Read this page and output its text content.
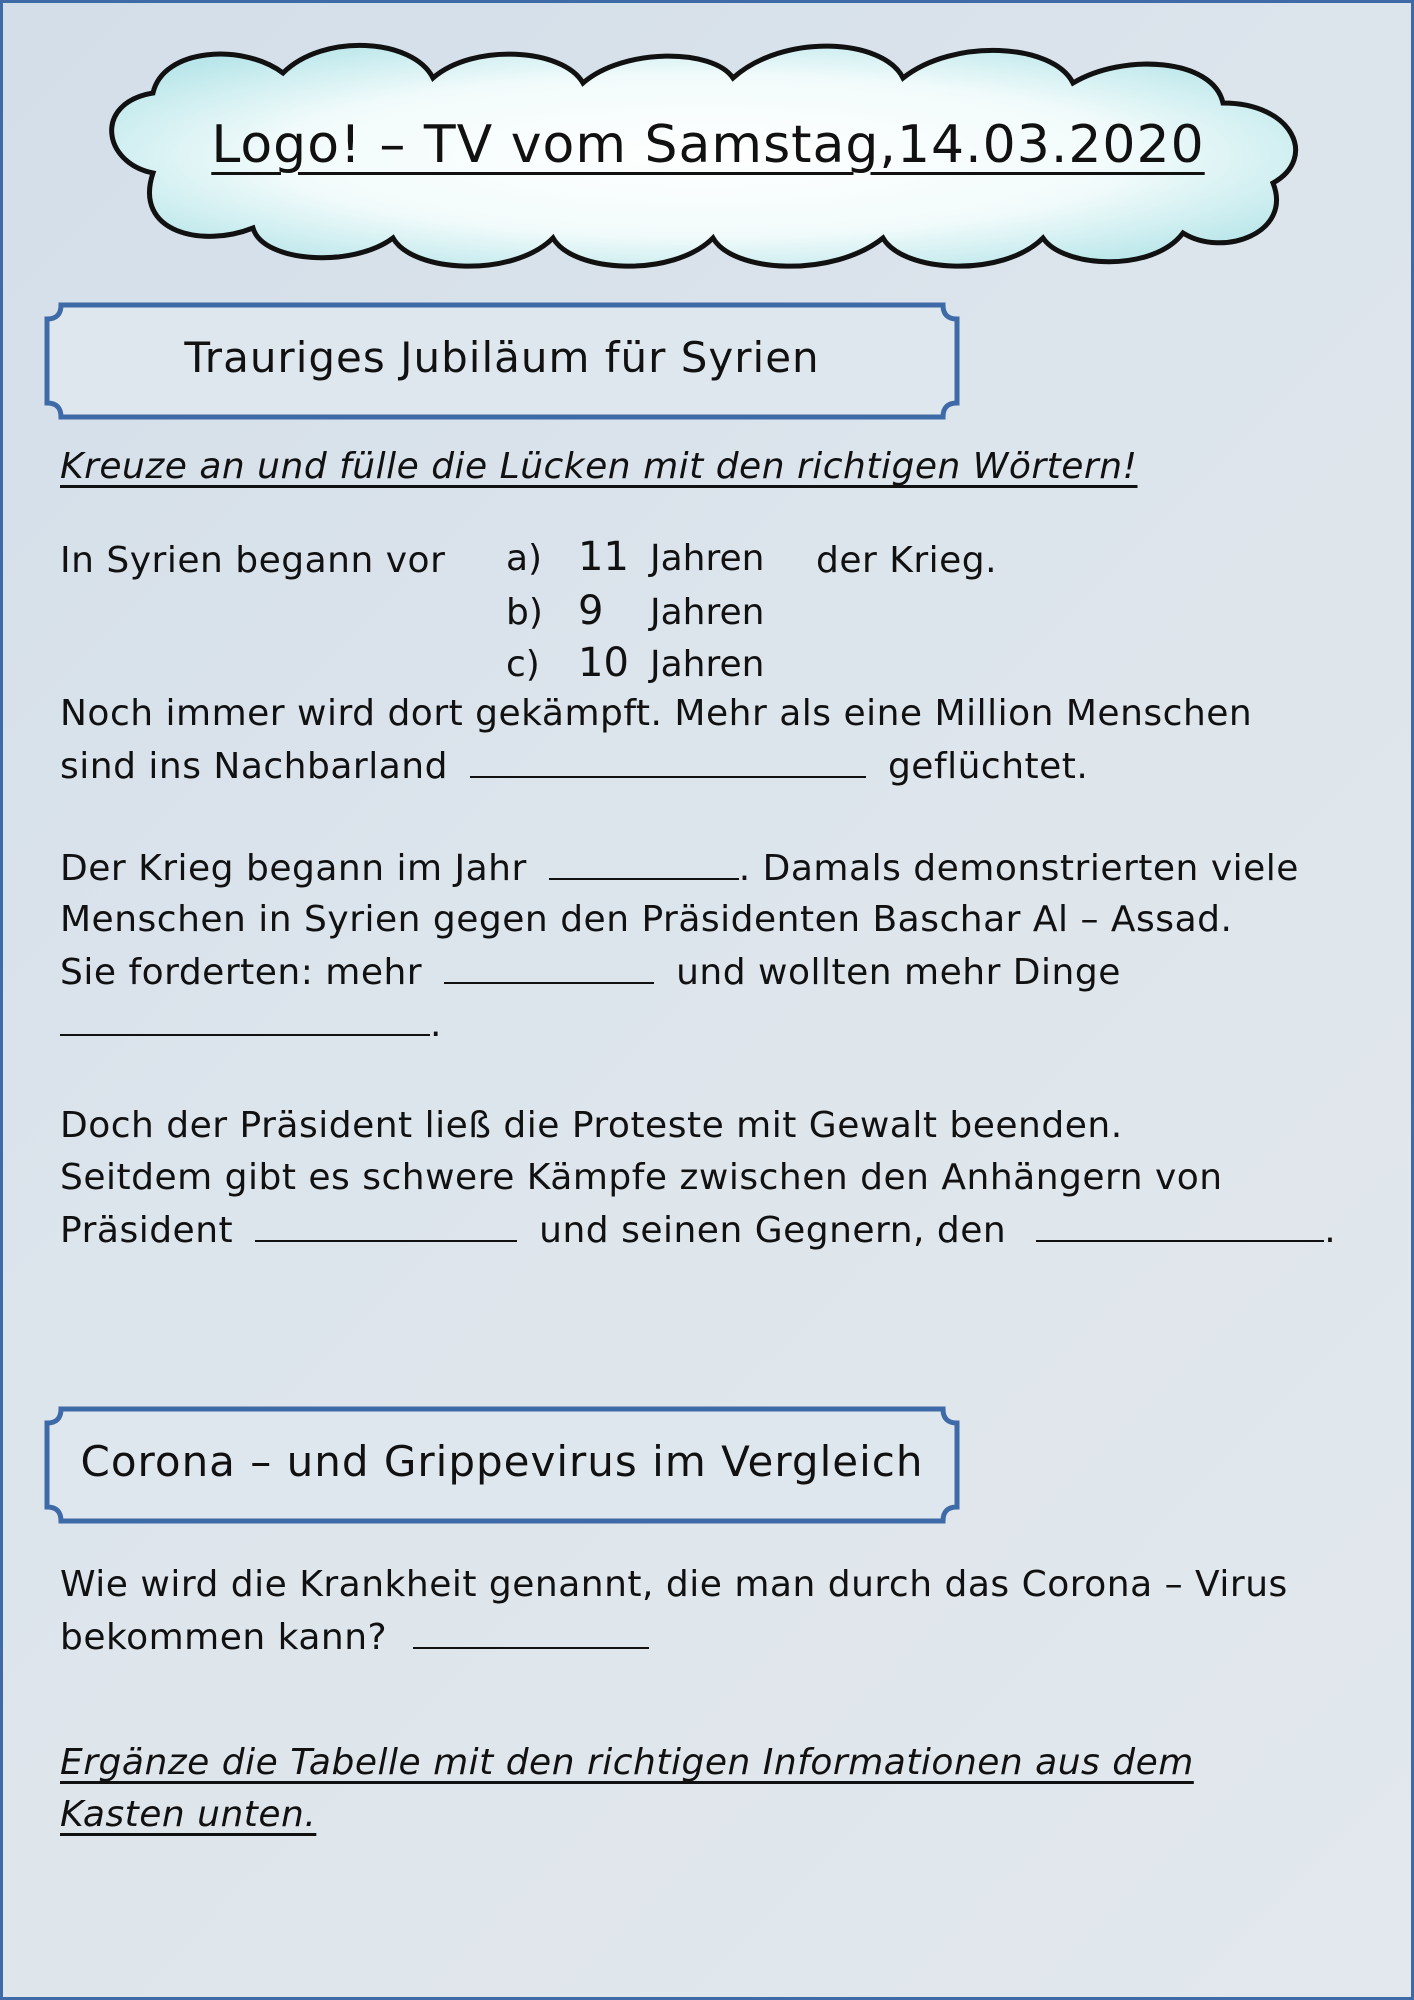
Logo! – TV vom Samstag,14.03.2020
Trauriges Jubiläum für Syrien
Kreuze an und fülle die Lücken mit den richtigen Wörtern!
In Syrien begann vor a) 11 Jahren der Krieg.
b) 9 Jahren
c) 10 Jahren
Noch immer wird dort gekämpft. Mehr als eine Million Menschen
sind ins Nachbarland	geflüchtet.
Der Krieg begann im Jahr	. Damals demonstrierten viele
Menschen in Syrien gegen den Präsidenten Baschar Al – Assad.
Sie forderten: mehr	und wollten mehr Dinge
.
Doch der Präsident ließ die Proteste mit Gewalt beenden.
Seitdem gibt es schwere Kämpfe zwischen den Anhängern von
Präsident	und seinen Gegnern, den	.
Corona – und Grippevirus im Vergleich
Wie wird die Krankheit genannt, die man durch das Corona – Virus
bekommen kann?
Ergänze die Tabelle mit den richtigen Informationen aus dem
Kasten unten.
